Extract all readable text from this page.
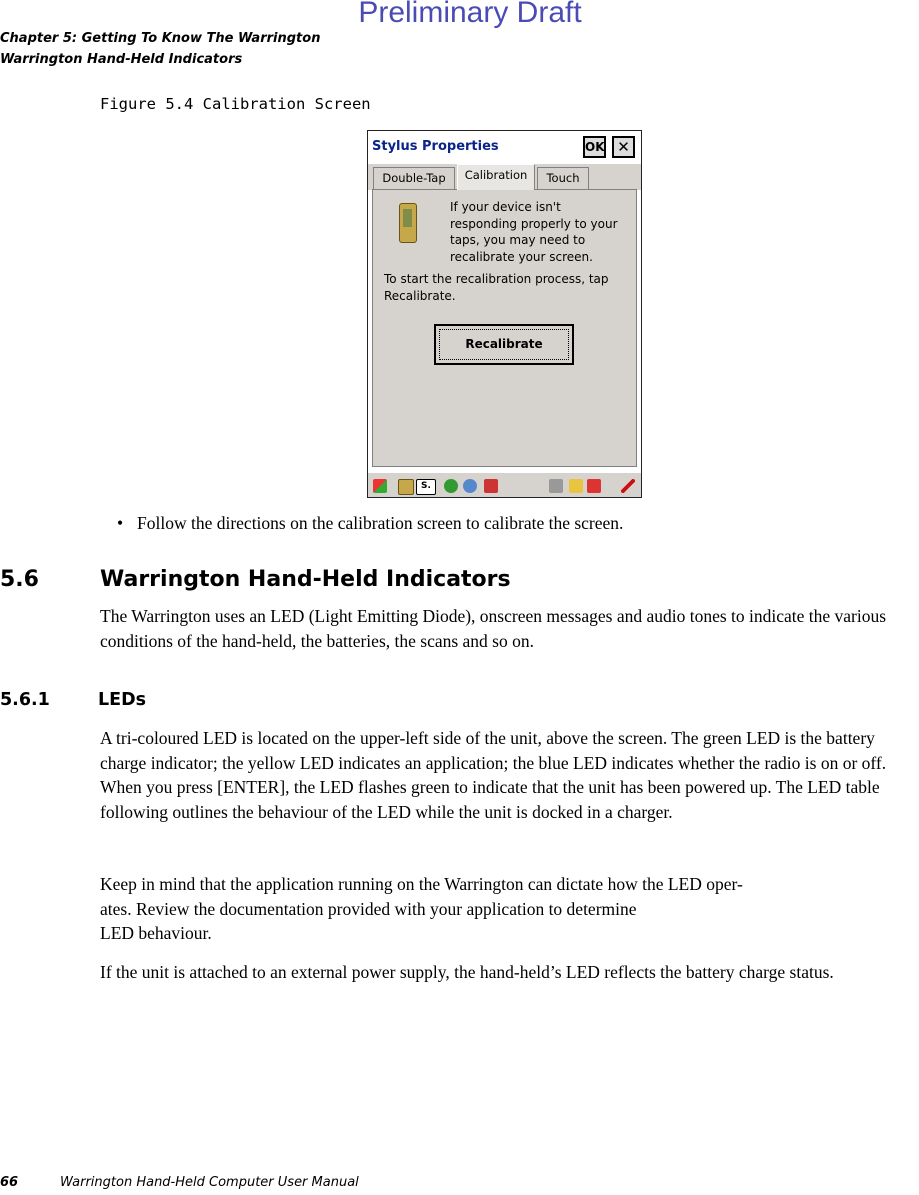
Preliminary Draft
Chapter 5: Getting To Know The Warrington
Warrington Hand-Held Indicators
Figure 5.4 Calibration Screen
Stylus Properties	OK ✕
Double-Tap	Calibration	Touch
If your device isn't
responding properly to your
taps, you may need to
recalibrate your screen.
To start the recalibration process, tap
Recalibrate.
Recalibrate
S.
• Follow the directions on the calibration screen to calibrate the screen.
5.6	Warrington Hand-Held Indicators
The Warrington uses an LED (Light Emitting Diode), onscreen messages and audio tones to indicate the various conditions of the hand-held, the batteries, the scans and so on.
5.6.1	LEDs
A tri-coloured LED is located on the upper-left side of the unit, above the screen. The green LED is the battery charge indicator; the yellow LED indicates an application; the blue LED indicates whether the radio is on or off. When you press [ENTER], the LED flashes green to indicate that the unit has been powered up. The LED table following outlines the behaviour of the LED while the unit is docked in a charger.
Keep in mind that the application running on the Warrington can dictate how the LED oper-
ates. Review the documentation provided with your application to determine
LED behaviour.
If the unit is attached to an external power supply, the hand-held’s LED reflects the battery charge status.
66	Warrington Hand-Held Computer User Manual
